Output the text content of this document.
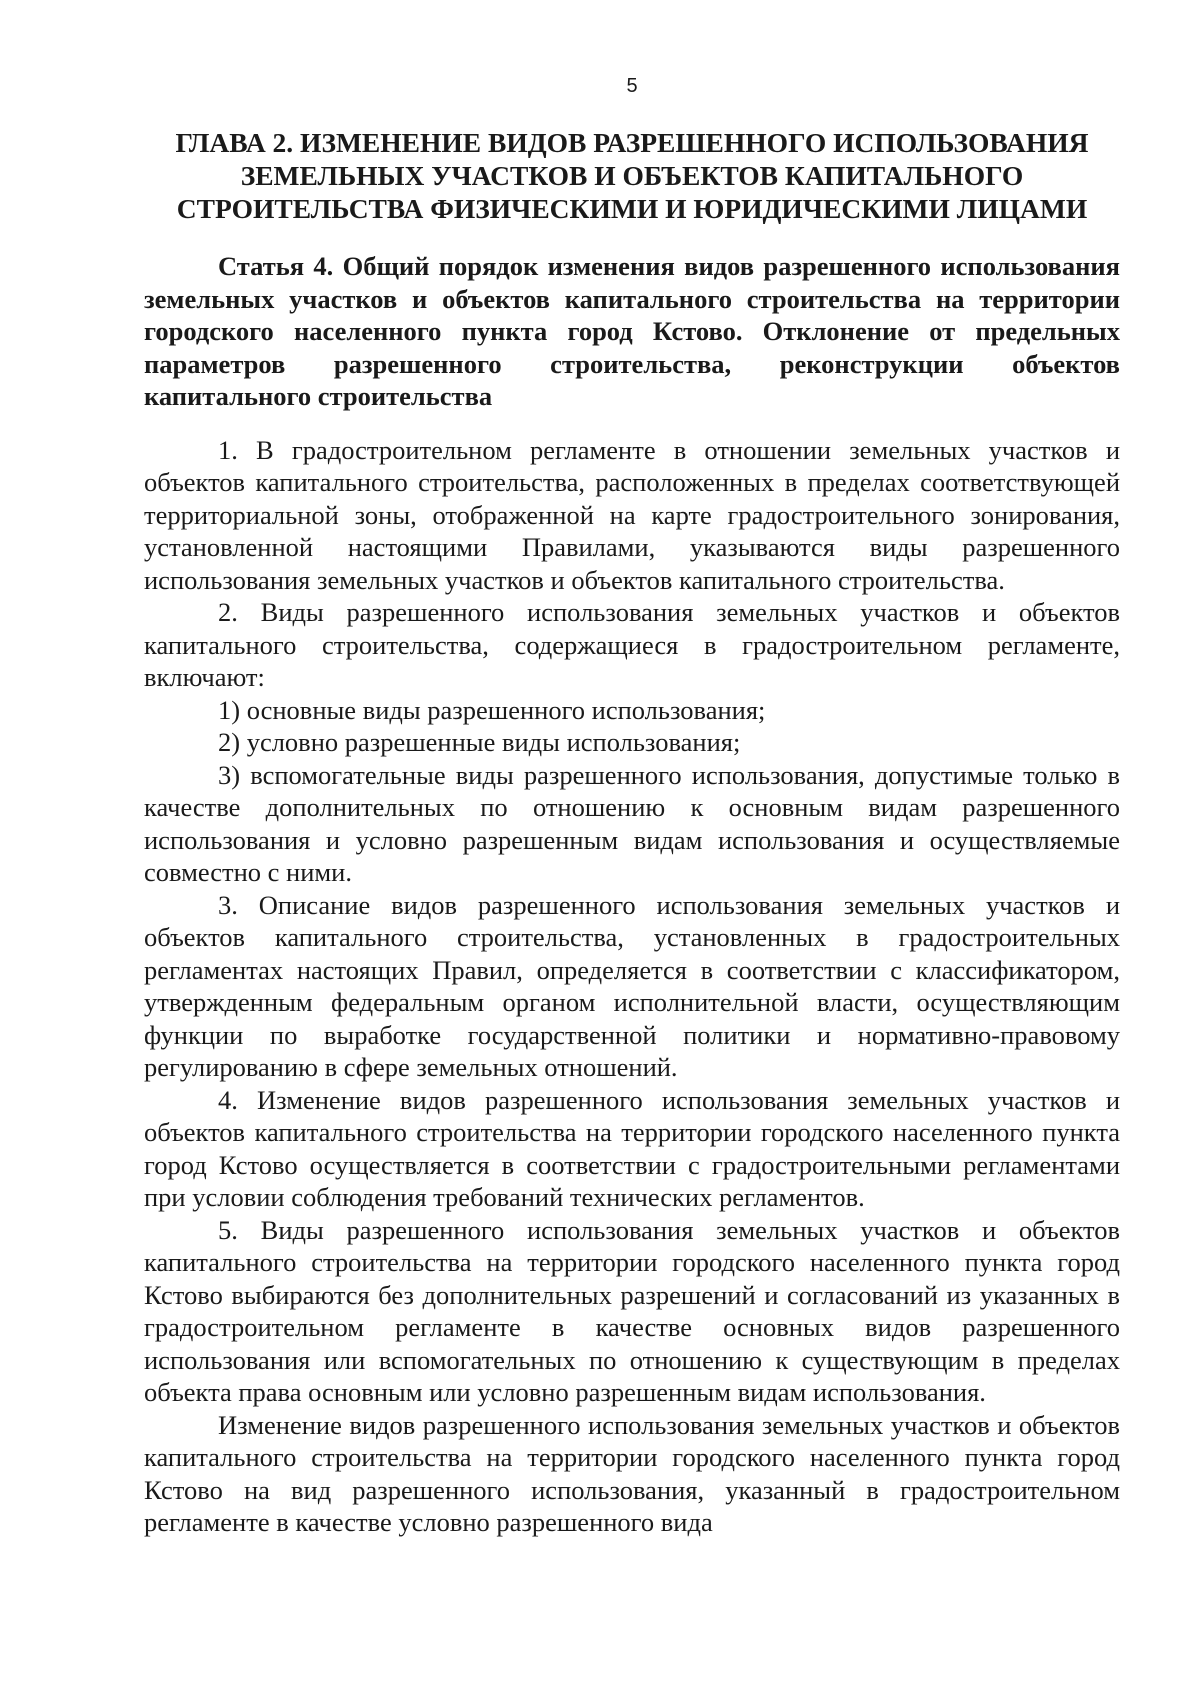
5
ГЛАВА 2. ИЗМЕНЕНИЕ ВИДОВ РАЗРЕШЕННОГО ИСПОЛЬЗОВАНИЯ ЗЕМЕЛЬНЫХ УЧАСТКОВ И ОБЪЕКТОВ КАПИТАЛЬНОГО СТРОИТЕЛЬСТВА ФИЗИЧЕСКИМИ И ЮРИДИЧЕСКИМИ ЛИЦАМИ
Статья 4. Общий порядок изменения видов разрешенного использования земельных участков и объектов капитального строительства на территории городского населенного пункта город Кстово. Отклонение от предельных параметров разрешенного строительства, реконструкции объектов капитального строительства

1. В градостроительном регламенте в отношении земельных участков и объектов капитального строительства, расположенных в пределах соответствующей территориальной зоны, отображенной на карте градостроительного зонирования, установленной настоящими Правилами, указываются виды разрешенного использования земельных участков и объектов капитального строительства.

2. Виды разрешенного использования земельных участков и объектов капитального строительства, содержащиеся в градостроительном регламенте, включают:

1) основные виды разрешенного использования;

2) условно разрешенные виды использования;

3) вспомогательные виды разрешенного использования, допустимые только в качестве дополнительных по отношению к основным видам разрешенного использования и условно разрешенным видам использования и осуществляемые совместно с ними.

3. Описание видов разрешенного использования земельных участков и объектов капитального строительства, установленных в градостроительных регламентах настоящих Правил, определяется в соответствии с классификатором, утвержденным федеральным органом исполнительной власти, осуществляющим функции по выработке государственной политики и нормативно-правовому регулированию в сфере земельных отношений.

4. Изменение видов разрешенного использования земельных участков и объектов капитального строительства на территории городского населенного пункта город Кстово осуществляется в соответствии с градостроительными регламентами при условии соблюдения требований технических регламентов.

5. Виды разрешенного использования земельных участков и объектов капитального строительства на территории городского населенного пункта город Кстово выбираются без дополнительных разрешений и согласований из указанных в градостроительном регламенте в качестве основных видов разрешенного использования или вспомогательных по отношению к существующим в пределах объекта права основным или условно разрешенным видам использования.

Изменение видов разрешенного использования земельных участков и объектов капитального строительства на территории городского населенного пункта город Кстово на вид разрешенного использования, указанный в градостроительном регламенте в качестве условно разрешенного вида
